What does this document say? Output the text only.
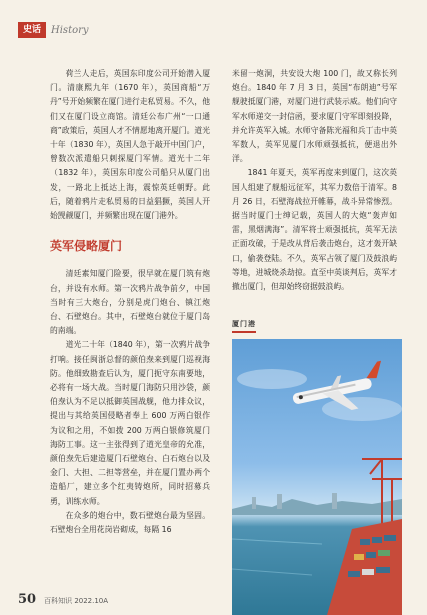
史话	History

荷兰人走后，英国东印度公司开始潜入厦门。清康熙九年（1670 年），英国商船“万丹”号开始频繁在厦门进行走私贸易。不久，他们又在厦门设立商馆。清廷公布广州“一口通商”政策后，英国人才不情愿地离开厦门。道光十年（1830 年），英国人急于敲开中国门户，曾数次派遣船只刺探厦门军情。道光十二年（1832 年），英国东印度公司船只从厦门出发，一路北上抵达上海，震惊英廷朝野。此后，随着鸦片走私贸易的日益猖獗，英国人开始觊觎厦门，并频繁出现在厦门港外。

英军侵略厦门

清廷素知厦门险要，很早就在厦门筑有炮台，并设有水师。第一次鸦片战争前夕，中国当时有三大炮台，分别是虎门炮台、镇江炮台、石壁炮台。其中，石壁炮台就位于厦门岛的南端。

道光二十年（1840 年），第一次鸦片战争打响。接任闽浙总督的颜伯焘来到厦门巡视海防。他细致勘查后认为，厦门扼守东南要地，必将有一场大战。当时厦门海防只用沙袋，颜伯焘认为不足以抵御英国战舰，他力排众议，提出与其给英国侵略者奉上 600 万两白银作为议和之用，不如拨 200 万两白银修筑厦门海防工事。这一主张得到了道光皇帝的允准，颜伯焘先后建造厦门石壁炮台、白石炮台以及金门、大担、二担等营垒，并在厦门置办两个造船厂，建立多个红夷铸炮所，同时招募兵勇，训练水师。

在众多的炮台中，数石壁炮台最为坚固。石壁炮台全用花岗岩砌成，每隔 16

米留一炮洞，共安设大炮 100 门，故又称长列炮台。1840 年 7 月 3 日，英国“布朗迪”号军舰驶抵厦门港，对厦门进行武装示威。他们向守军水师递交一封信函，要求厦门守军即刻投降，并允许英军入城。水师守备陈光福和兵丁击中英军数人，英军见厦门水师顽强抵抗，便退出外洋。

1841 年夏天，英军再度来到厦门，这次英国人组建了舰船远征军，其军力数倍于清军。8 月 26 日，石壁海战拉开帷幕，战斗异常惨烈。据当时厦门士绅记载，英国人的大炮“轰声如雷，黑烟满海”。清军将士顽强抵抗，英军无法正面攻破，于是改从背后袭击炮台，这才轰开缺口，偷袭登陆。不久，英军占领了厦门及鼓浪屿等地，进城烧杀劫掠。直至中英谈判后，英军才撤出厦门，但却始终窃据鼓浪屿。

厦门港
50 百科知识 2022.10A
